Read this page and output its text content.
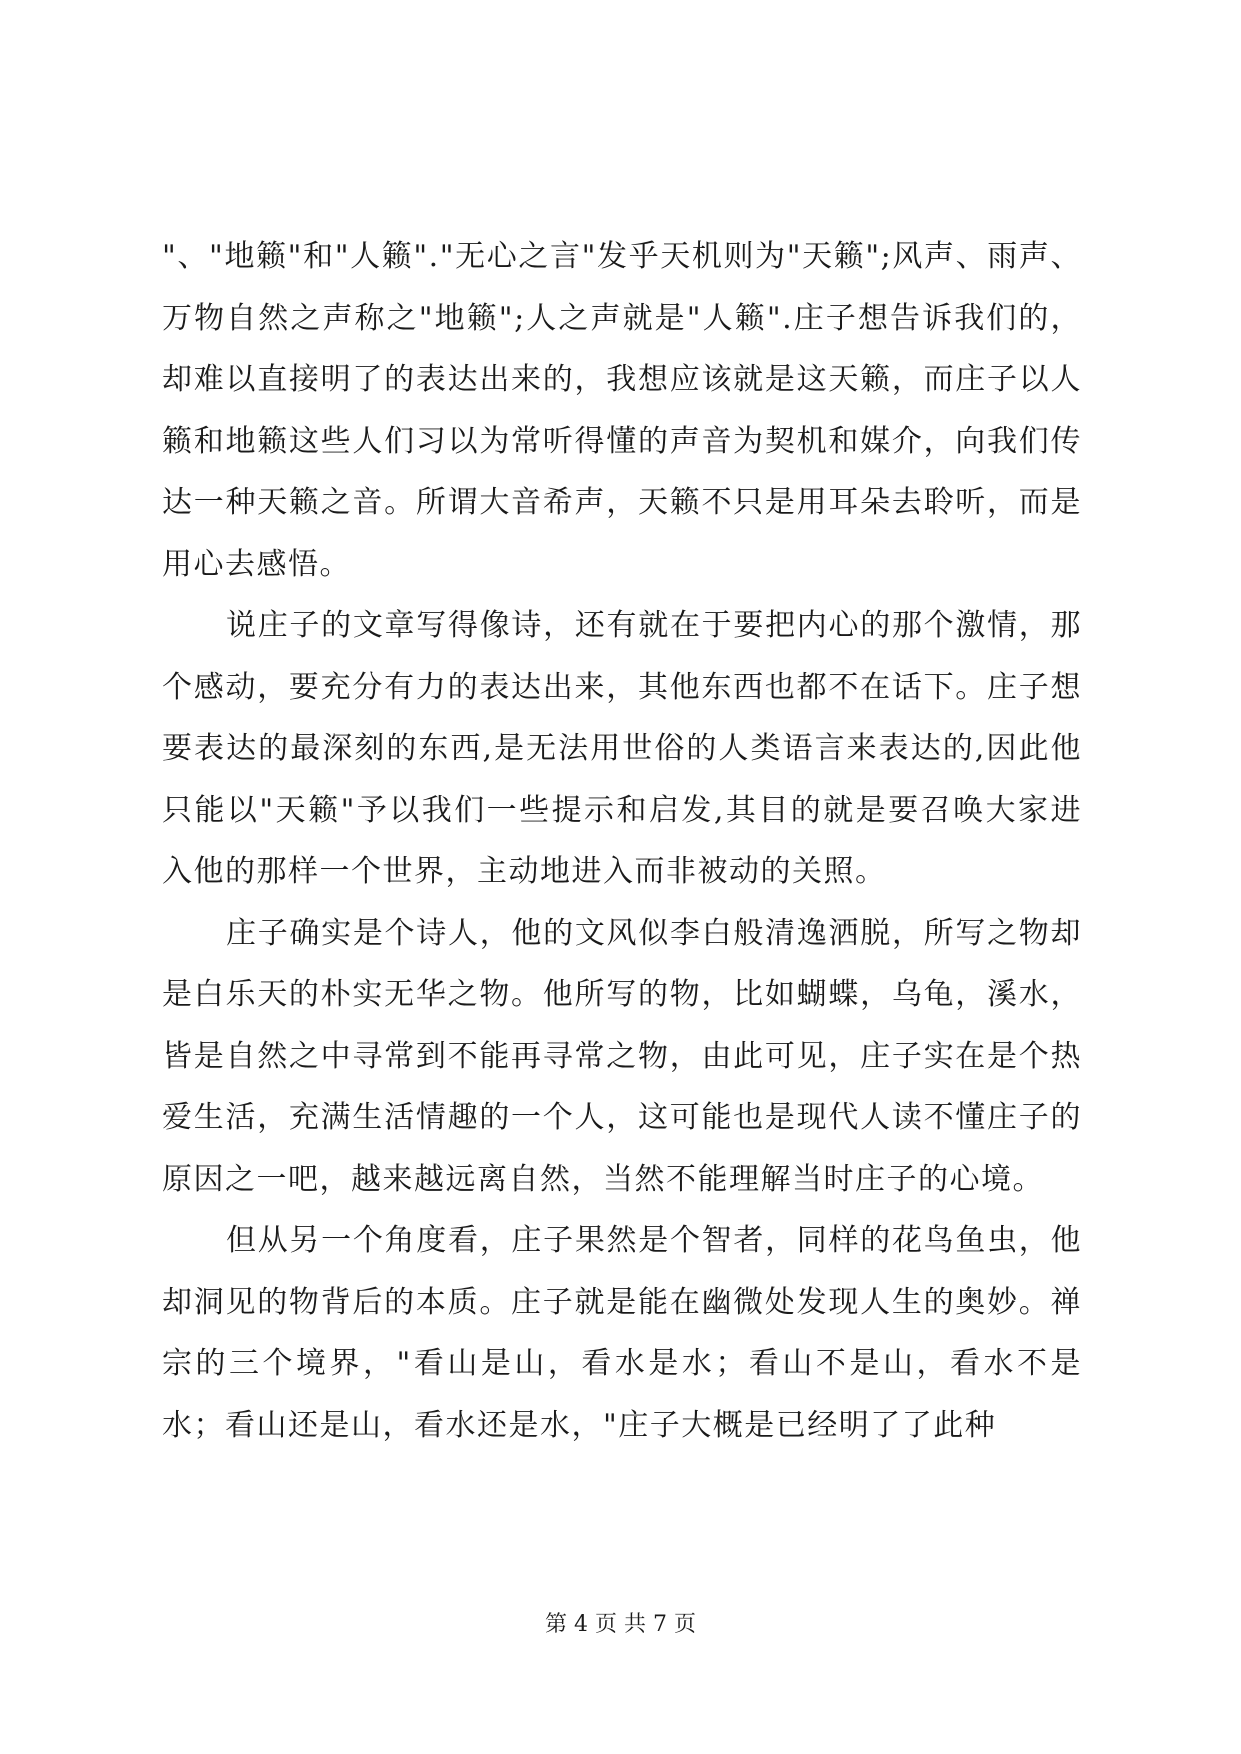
"、"地籁"和"人籁"."无心之言"发乎天机则为"天籁";风声、雨声、万物自然之声称之"地籁";人之声就是"人籁".庄子想告诉我们的，却难以直接明了的表达出来的，我想应该就是这天籁，而庄子以人籁和地籁这些人们习以为常听得懂的声音为契机和媒介，向我们传达一种天籁之音。所谓大音希声，天籁不只是用耳朵去聆听，而是用心去感悟。

说庄子的文章写得像诗，还有就在于要把内心的那个激情，那个感动，要充分有力的表达出来，其他东西也都不在话下。庄子想要表达的最深刻的东西,是无法用世俗的人类语言来表达的,因此他只能以"天籁"予以我们一些提示和启发,其目的就是要召唤大家进入他的那样一个世界，主动地进入而非被动的关照。

庄子确实是个诗人，他的文风似李白般清逸洒脱，所写之物却是白乐天的朴实无华之物。他所写的物，比如蝴蝶，乌龟，溪水，皆是自然之中寻常到不能再寻常之物，由此可见，庄子实在是个热爱生活，充满生活情趣的一个人，这可能也是现代人读不懂庄子的原因之一吧，越来越远离自然，当然不能理解当时庄子的心境。

但从另一个角度看，庄子果然是个智者，同样的花鸟鱼虫，他却洞见的物背后的本质。庄子就是能在幽微处发现人生的奥妙。禅宗的三个境界，"看山是山，看水是水；看山不是山，看水不是水；看山还是山，看水还是水，"庄子大概是已经明了了此种

第 4 页 共 7 页
